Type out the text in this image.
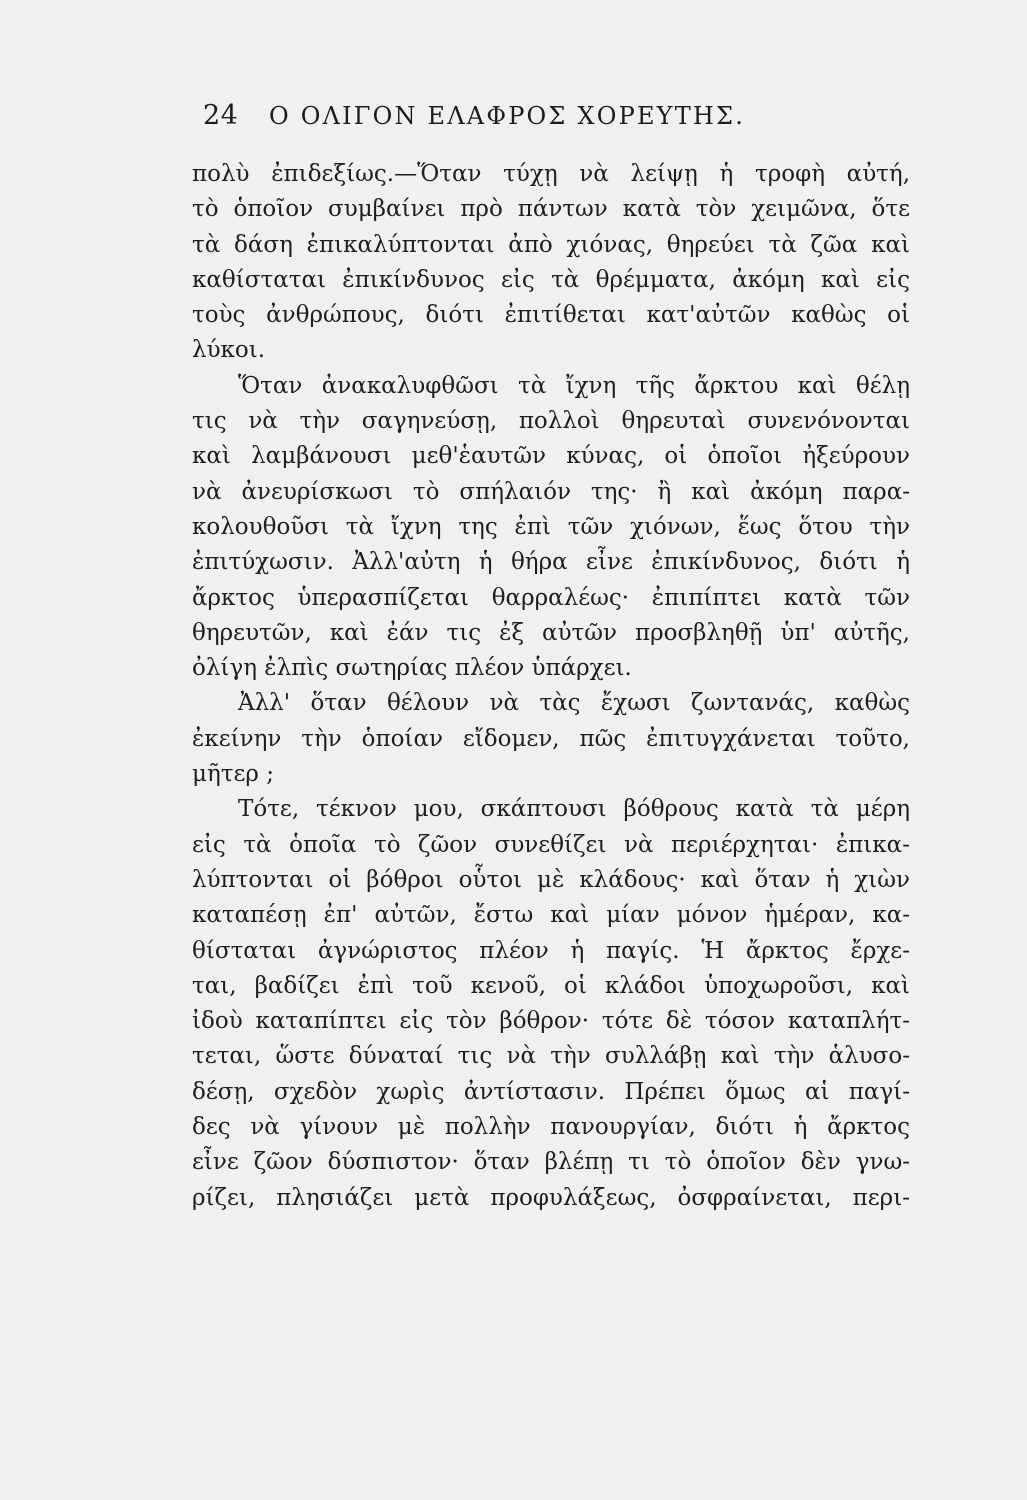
24 Ο ΟΛΙΓΟΝ ΕΛΑΦΡΟΣ ΧΟΡΕΥΤΗΣ.
πολὺ ἐπιδεξίως.—Ὅταν τύχῃ νὰ λείψῃ ἡ τροφὴ αὐτή,
τὸ ὁποῖον συμβαίνει πρὸ πάντων κατὰ τὸν χειμῶνα, ὅτε
τὰ δάση ἐπικαλύπτονται ἀπὸ χιόνας, θηρεύει τὰ ζῶα καὶ
καθίσταται ἐπικίνδυνος εἰς τὰ θρέμματα, ἀκόμη καὶ εἰς
τοὺς ἀνθρώπους, διότι ἐπιτίθεται κατ'αὐτῶν καθὼς οἱ
λύκοι.
Ὅταν ἀνακαλυφθῶσι τὰ ἴχνη τῆς ἄρκτου καὶ θέλῃ
τις νὰ τὴν σαγηνεύσῃ, πολλοὶ θηρευταὶ συνενόνονται
καὶ λαμβάνουσι μεθ'ἑαυτῶν κύνας, οἱ ὁποῖοι ἠξεύρουν
νὰ ἀνευρίσκωσι τὸ σπήλαιόν της· ἢ καὶ ἀκόμη παρα-
κολουθοῦσι τὰ ἴχνη της ἐπὶ τῶν χιόνων, ἕως ὅτου τὴν
ἐπιτύχωσιν. Ἀλλ'αὐτη ἡ θήρα εἶνε ἐπικίνδυνος, διότι ἡ
ἄρκτος ὑπερασπίζεται θαρραλέως· ἐπιπίπτει κατὰ τῶν
θηρευτῶν, καὶ ἐάν τις ἐξ αὐτῶν προσβληθῇ ὑπ' αὐτῆς,
ὀλίγη ἐλπὶς σωτηρίας πλέον ὑπάρχει.
Ἀλλ' ὅταν θέλουν νὰ τὰς ἔχωσι ζωντανάς, καθὼς
ἐκείνην τὴν ὁποίαν εἴδομεν, πῶς ἐπιτυγχάνεται τοῦτο,
μῆτερ ;
Τότε, τέκνον μου, σκάπτουσι βόθρους κατὰ τὰ μέρη
εἰς τὰ ὁποῖα τὸ ζῶον συνεθίζει νὰ περιέρχηται· ἐπικα-
λύπτονται οἱ βόθροι οὗτοι μὲ κλάδους· καὶ ὅταν ἡ χιὼν
καταπέσῃ ἐπ' αὐτῶν, ἔστω καὶ μίαν μόνον ἡμέραν, κα-
θίσταται ἀγνώριστος πλέον ἡ παγίς. Ἡ ἄρκτος ἔρχε-
ται, βαδίζει ἐπὶ τοῦ κενοῦ, οἱ κλάδοι ὑποχωροῦσι, καὶ
ἰδοὺ καταπίπτει εἰς τὸν βόθρον· τότε δὲ τόσον καταπλήτ-
τεται, ὥστε δύναταί τις νὰ τὴν συλλάβῃ καὶ τὴν ἁλυσο-
δέσῃ, σχεδὸν χωρὶς ἀντίστασιν. Πρέπει ὅμως αἱ παγί-
δες νὰ γίνουν μὲ πολλὴν πανουργίαν, διότι ἡ ἄρκτος
εἶνε ζῶον δύσπιστον· ὅταν βλέπῃ τι τὸ ὁποῖον δὲν γνω-
ρίζει, πλησιάζει μετὰ προφυλάξεως, ὀσφραίνεται, περι-
